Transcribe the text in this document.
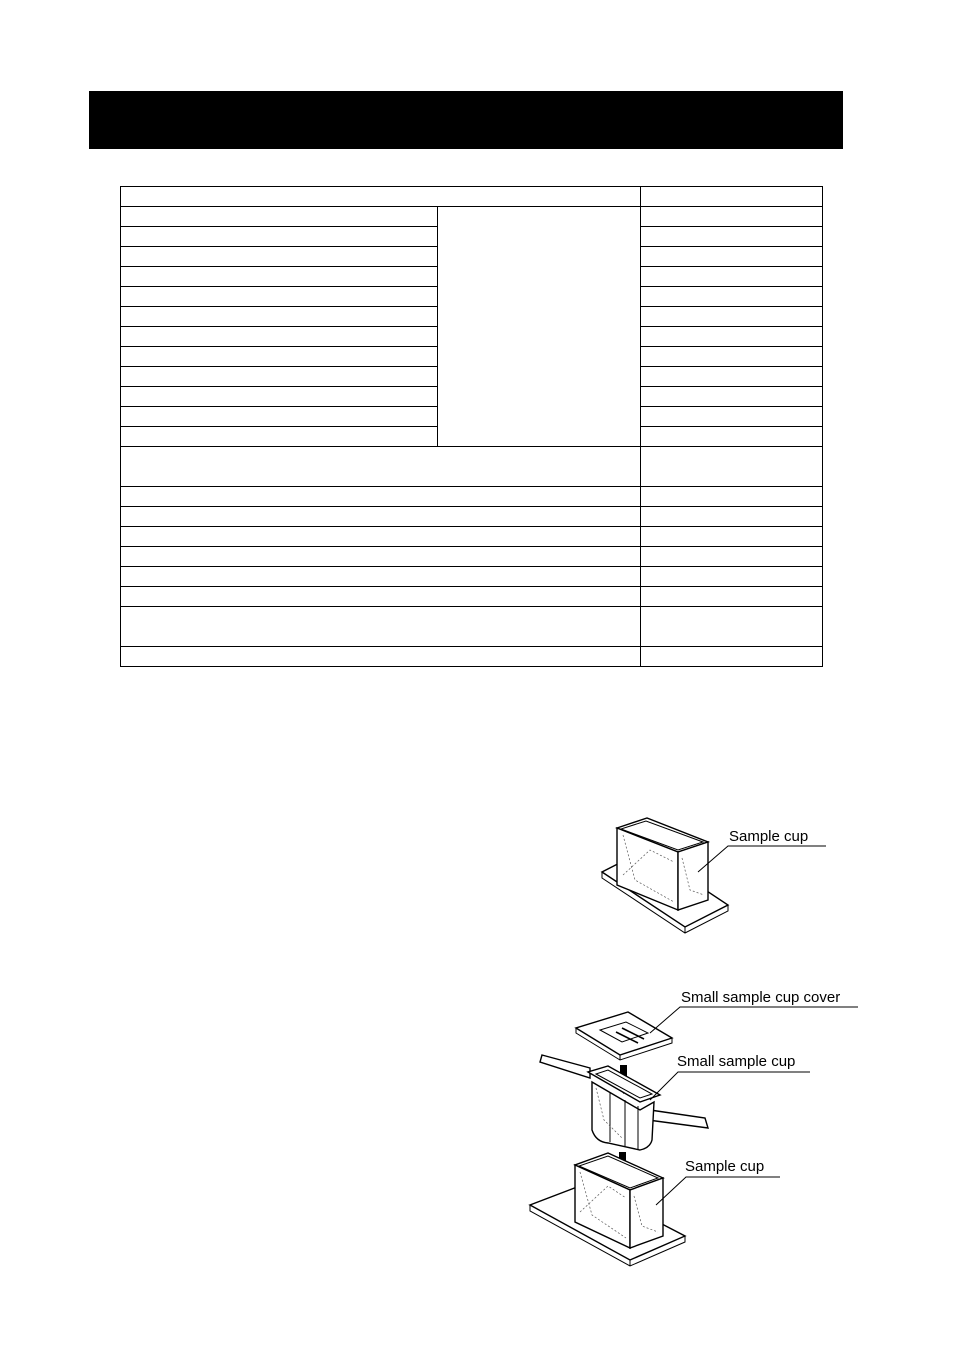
Sample cup
Small sample cup cover
Small sample cup
Sample cup
